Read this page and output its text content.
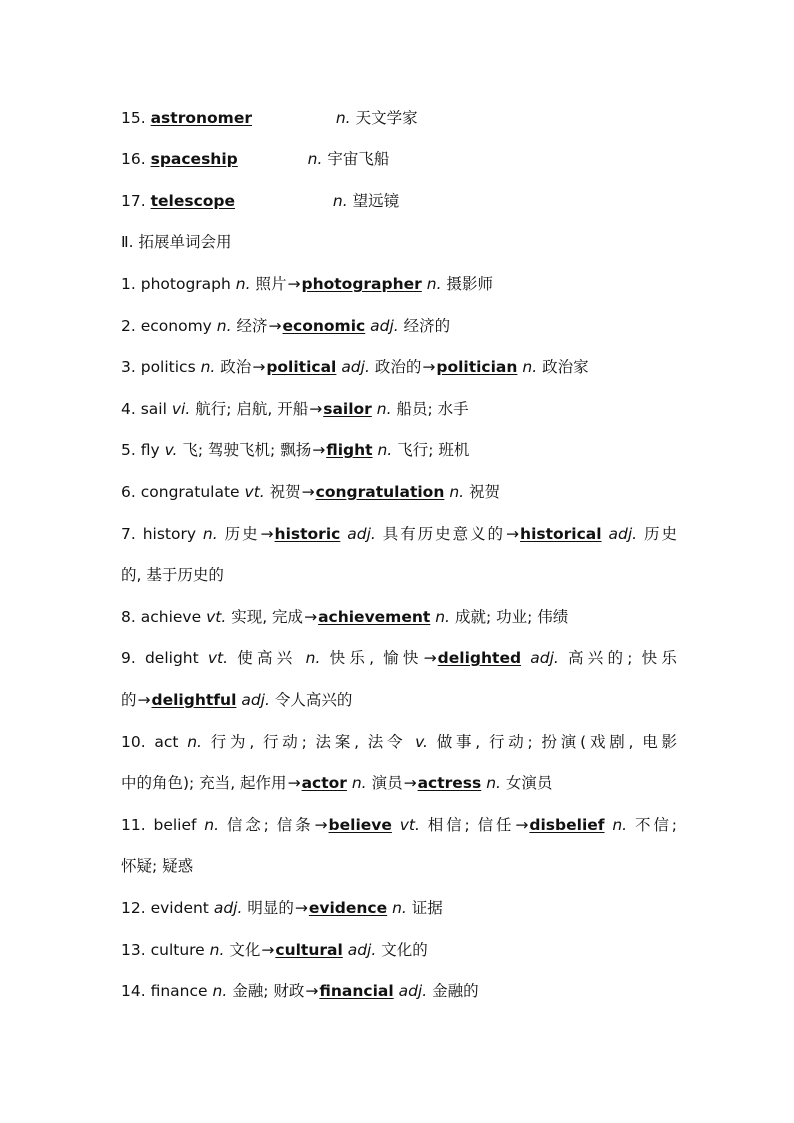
15. astronomer	n. 天文学家
16. spaceship	n. 宇宙飞船
17. telescope	n. 望远镜
Ⅱ. 拓展单词会用
1. photograph n. 照片→photographer n. 摄影师
2. economy n. 经济→economic adj. 经济的
3. politics n. 政治→political adj. 政治的→politician n. 政治家
4. sail vi. 航行; 启航, 开船→sailor n. 船员; 水手
5. fly v. 飞; 驾驶飞机; 飘扬→flight n. 飞行; 班机
6. congratulate vt. 祝贺→congratulation n. 祝贺
7. history n. 历史→historic adj. 具有历史意义的→historical adj. 历史
的, 基于历史的
8. achieve vt. 实现, 完成→achievement n. 成就; 功业; 伟绩
9. delight vt. 使高兴 n. 快乐, 愉快→delighted adj. 高兴的; 快乐
的→delightful adj. 令人高兴的
10. act n. 行为, 行动; 法案, 法令 v. 做事, 行动; 扮演(戏剧, 电影
中的角色); 充当, 起作用→actor n. 演员→actress n. 女演员
11. belief n. 信念; 信条→believe vt. 相信; 信任→disbelief n. 不信;
怀疑; 疑惑
12. evident adj. 明显的→evidence n. 证据
13. culture n. 文化→cultural adj. 文化的
14. finance n. 金融; 财政→financial adj. 金融的
